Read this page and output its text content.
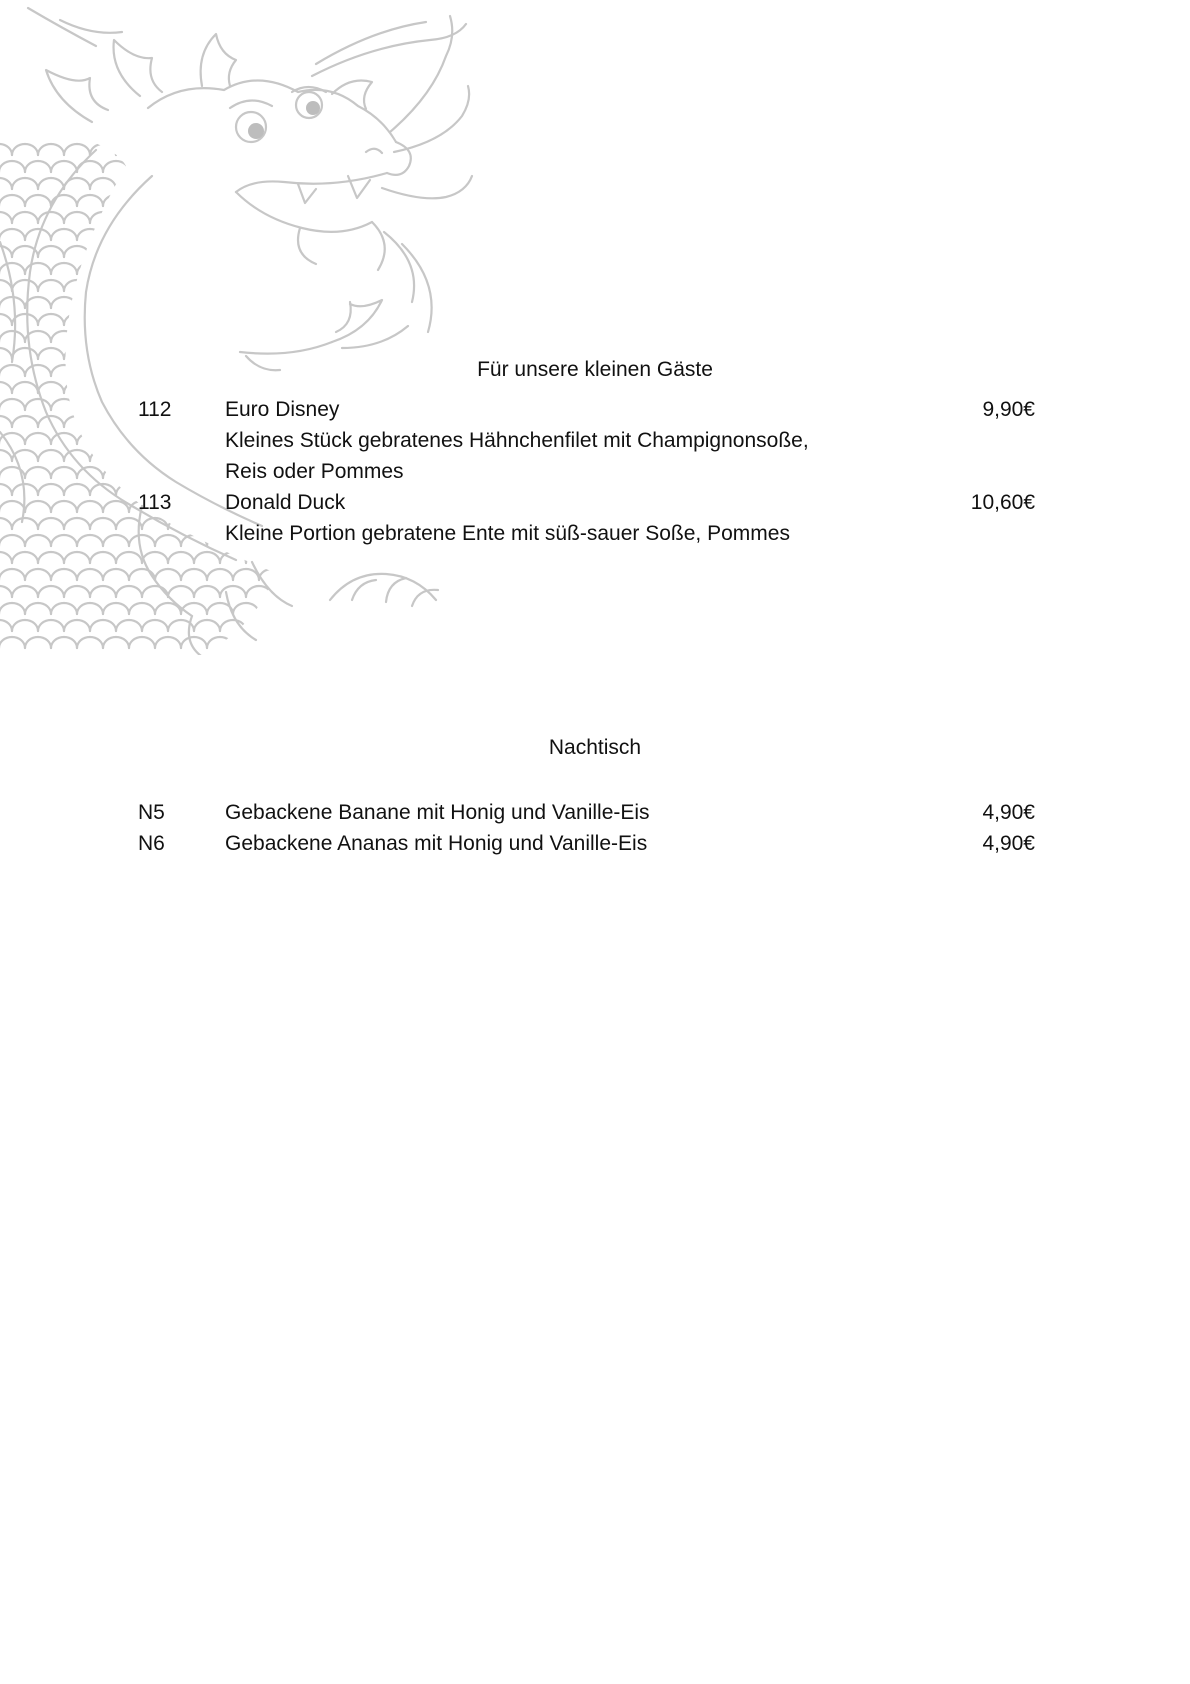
Für unsere kleinen Gäste
112	Euro Disney	9,90€
Kleines Stück gebratenes Hähnchenfilet mit Champignonsoße,
Reis oder Pommes
113	Donald Duck	10,60€
Kleine Portion gebratene Ente mit süß-sauer Soße, Pommes
Nachtisch
N5	Gebackene Banane mit Honig und Vanille-Eis	4,90€
N6	Gebackene Ananas mit Honig und Vanille-Eis	4,90€
